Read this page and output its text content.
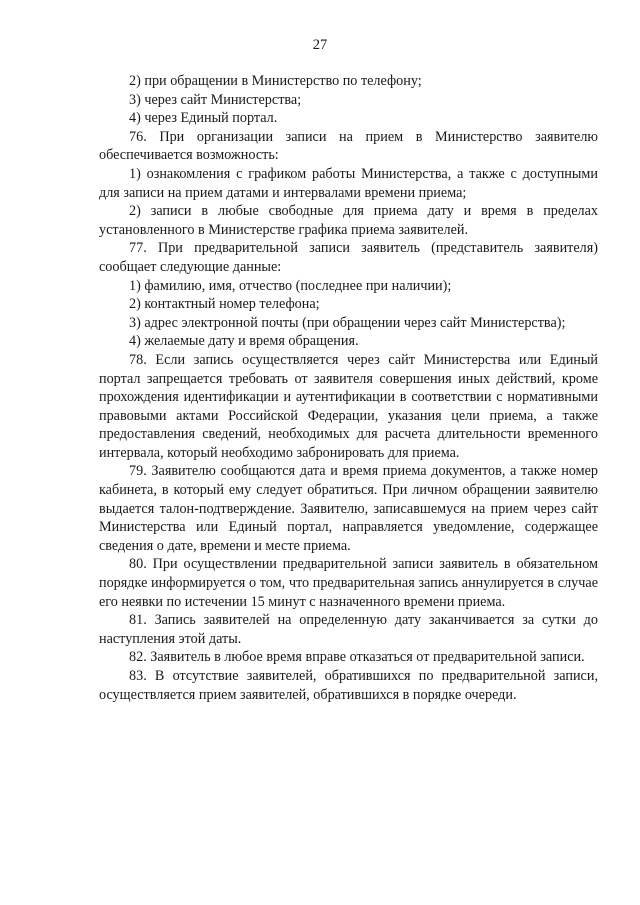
27

2) при обращении в Министерство по телефону;

3) через сайт Министерства;

4) через Единый портал.

76. При организации записи на прием в Министерство заявителю обеспечивается возможность:

1) ознакомления с графиком работы Министерства, а также с доступными для записи на прием датами и интервалами времени приема;

2) записи в любые свободные для приема дату и время в пределах установленного в Министерстве графика приема заявителей.

77. При предварительной записи заявитель (представитель заявителя) сообщает следующие данные:

1) фамилию, имя, отчество (последнее при наличии);

2) контактный номер телефона;

3) адрес электронной почты (при обращении через сайт Министерства);

4) желаемые дату и время обращения.

78. Если запись осуществляется через сайт Министерства или Единый портал запрещается требовать от заявителя совершения иных действий, кроме прохождения идентификации и аутентификации в соответствии с нормативными правовыми актами Российской Федерации, указания цели приема, а также предоставления сведений, необходимых для расчета длительности временного интервала, который необходимо забронировать для приема.

79. Заявителю сообщаются дата и время приема документов, а также номер кабинета, в который ему следует обратиться. При личном обращении заявителю выдается талон-подтверждение. Заявителю, записавшемуся на прием через сайт Министерства или Единый портал, направляется уведомление, содержащее сведения о дате, времени и месте приема.

80. При осуществлении предварительной записи заявитель в обязательном порядке информируется о том, что предварительная запись аннулируется в случае его неявки по истечении 15 минут с назначенного времени приема.

81. Запись заявителей на определенную дату заканчивается за сутки до наступления этой даты.

82. Заявитель в любое время вправе отказаться от предварительной записи.

83. В отсутствие заявителей, обратившихся по предварительной записи, осуществляется прием заявителей, обратившихся в порядке очереди.
